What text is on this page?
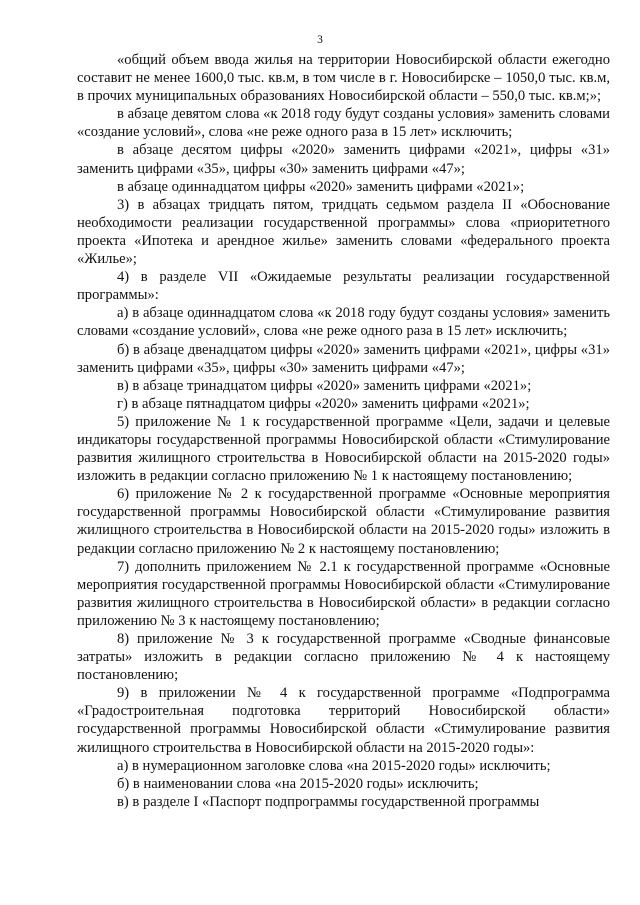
3

«общий объем ввода жилья на территории Новосибирской области ежегодно составит не менее 1600,0 тыс. кв.м, в том числе в г. Новосибирске – 1050,0 тыс. кв.м, в прочих муниципальных образованиях Новосибирской области – 550,0 тыс. кв.м;»;

в абзаце девятом слова «к 2018 году будут созданы условия» заменить словами «создание условий», слова «не реже одного раза в 15 лет» исключить;

в абзаце десятом цифры «2020» заменить цифрами «2021», цифры «31» заменить цифрами «35», цифры «30» заменить цифрами «47»;

в абзаце одиннадцатом цифры «2020» заменить цифрами «2021»;

3) в абзацах тридцать пятом, тридцать седьмом раздела II «Обоснование необходимости реализации государственной программы» слова «приоритетного проекта «Ипотека и арендное жилье» заменить словами «федерального проекта «Жилье»;

4) в разделе VII «Ожидаемые результаты реализации государственной программы»:

а) в абзаце одиннадцатом слова «к 2018 году будут созданы условия» заменить словами «создание условий», слова «не реже одного раза в 15 лет» исключить;

б) в абзаце двенадцатом цифры «2020» заменить цифрами «2021», цифры «31» заменить цифрами «35», цифры «30» заменить цифрами «47»;

в) в абзаце тринадцатом цифры «2020» заменить цифрами «2021»;

г) в абзаце пятнадцатом цифры «2020» заменить цифрами «2021»;

5) приложение № 1 к государственной программе «Цели, задачи и целевые индикаторы государственной программы Новосибирской области «Стимулирование развития жилищного строительства в Новосибирской области на 2015-2020 годы» изложить в редакции согласно приложению № 1 к настоящему постановлению;

6) приложение № 2 к государственной программе «Основные мероприятия государственной программы Новосибирской области «Стимулирование развития жилищного строительства в Новосибирской области на 2015-2020 годы» изложить в редакции согласно приложению № 2 к настоящему постановлению;

7) дополнить приложением № 2.1 к государственной программе «Основные мероприятия государственной программы Новосибирской области «Стимулирование развития жилищного строительства в Новосибирской области» в редакции согласно приложению № 3 к настоящему постановлению;

8) приложение № 3 к государственной программе «Сводные финансовые затраты» изложить в редакции согласно приложению № 4 к настоящему постановлению;

9) в приложении № 4 к государственной программе «Подпрограмма «Градостроительная подготовка территорий Новосибирской области» государственной программы Новосибирской области «Стимулирование развития жилищного строительства в Новосибирской области на 2015-2020 годы»:

а) в нумерационном заголовке слова «на 2015-2020 годы» исключить;

б) в наименовании слова «на 2015-2020 годы» исключить;

в) в разделе I «Паспорт подпрограммы государственной программы
